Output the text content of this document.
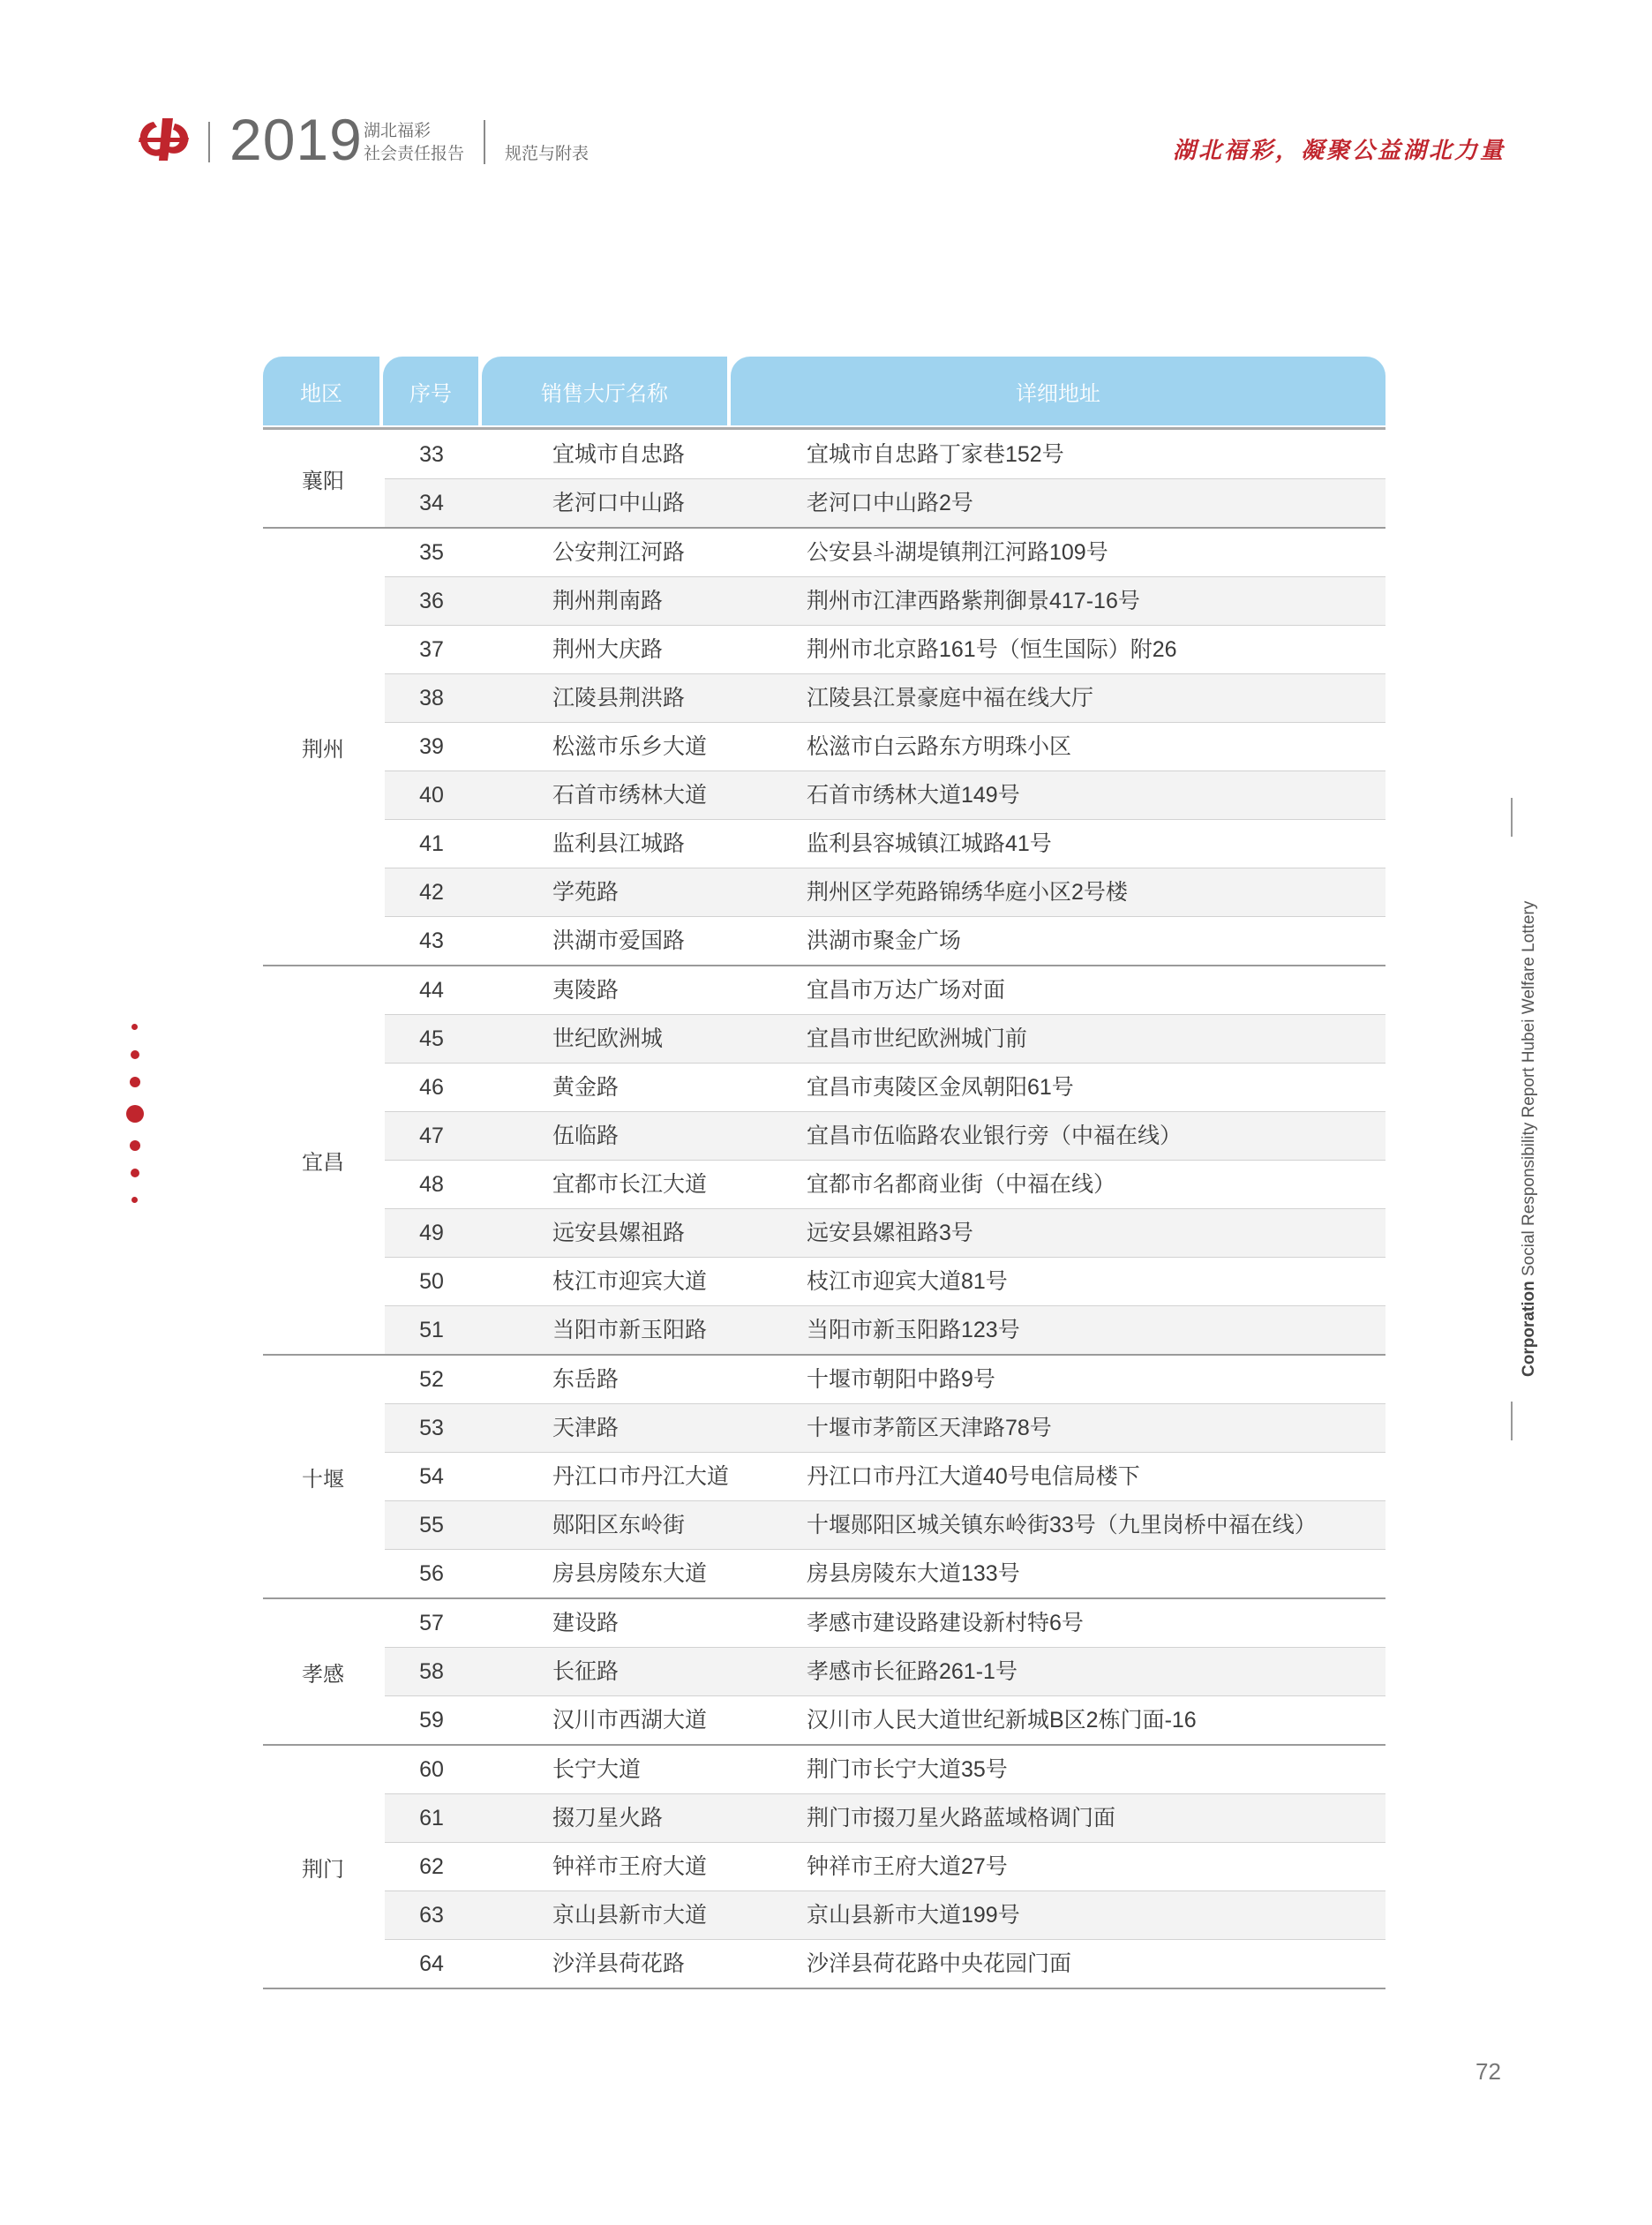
2019 湖北福彩
社会责任报告 规范与附表	湖北福彩，凝聚公益湖北力量
地区	序号	销售大厅名称	详细地址
襄阳
33	宜城市自忠路	宜城市自忠路丁家巷152号
34	老河口中山路	老河口中山路2号
荆州
35	公安荆江河路	公安县斗湖堤镇荆江河路109号
36	荆州荆南路	荆州市江津西路紫荆御景417-16号
37	荆州大庆路	荆州市北京路161号（恒生国际）附26
38	江陵县荆洪路	江陵县江景豪庭中福在线大厅
39	松滋市乐乡大道	松滋市白云路东方明珠小区
40	石首市绣林大道	石首市绣林大道149号
41	监利县江城路	监利县容城镇江城路41号
42	学苑路	荆州区学苑路锦绣华庭小区2号楼
43	洪湖市爱国路	洪湖市聚金广场
宜昌
44	夷陵路	宜昌市万达广场对面
45	世纪欧洲城	宜昌市世纪欧洲城门前
46	黄金路	宜昌市夷陵区金凤朝阳61号
47	伍临路	宜昌市伍临路农业银行旁（中福在线）
48	宜都市长江大道	宜都市名都商业街（中福在线）
49	远安县嫘祖路	远安县嫘祖路3号
50	枝江市迎宾大道	枝江市迎宾大道81号
51	当阳市新玉阳路	当阳市新玉阳路123号
十堰
52	东岳路	十堰市朝阳中路9号
53	天津路	十堰市茅箭区天津路78号
54	丹江口市丹江大道	丹江口市丹江大道40号电信局楼下
55	郧阳区东岭街	十堰郧阳区城关镇东岭街33号（九里岗桥中福在线）
56	房县房陵东大道	房县房陵东大道133号
孝感
57	建设路	孝感市建设路建设新村特6号
58	长征路	孝感市长征路261-1号
59	汉川市西湖大道	汉川市人民大道世纪新城B区2栋门面-16
荆门
60	长宁大道	荆门市长宁大道35号
61	掇刀星火路	荆门市掇刀星火路蓝域格调门面
62	钟祥市王府大道	钟祥市王府大道27号
63	京山县新市大道	京山县新市大道199号
64	沙洋县荷花路	沙洋县荷花路中央花园门面
Corporation Social Responsibility Report Hubei Welfare Lottery
72
